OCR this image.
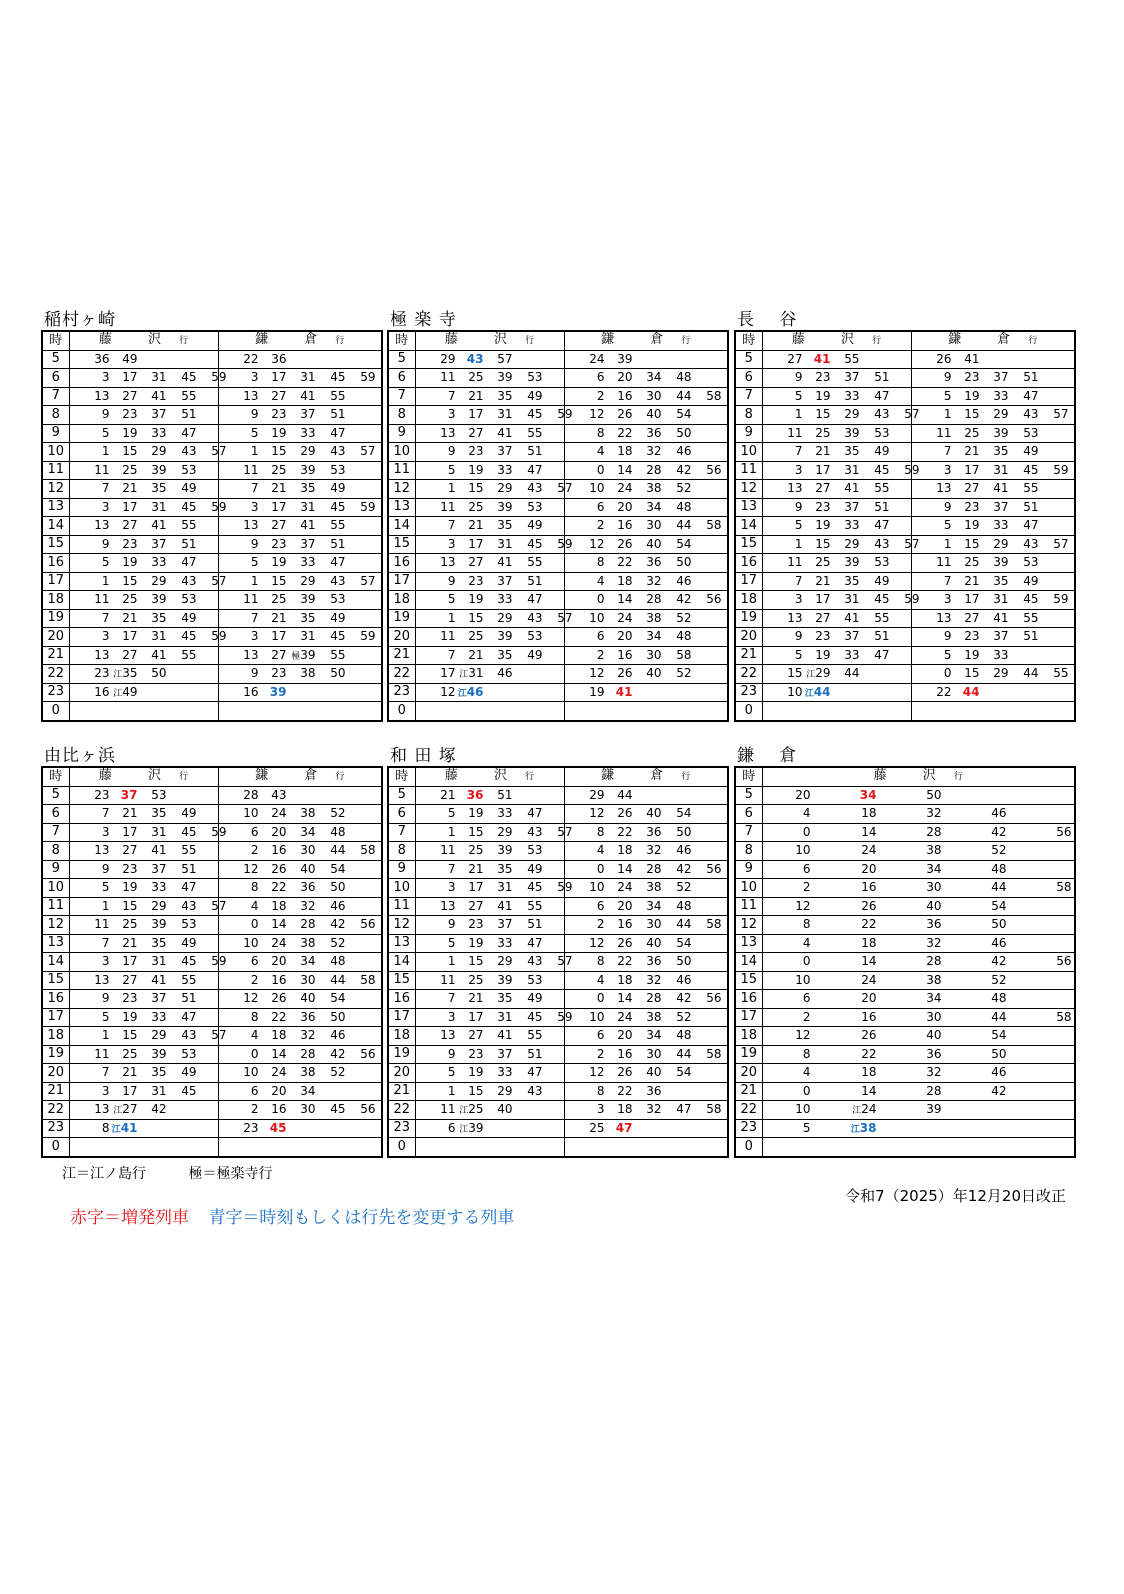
稲村ヶ崎
時	藤 沢 行	鎌 倉 行
5	36 49	22 36

6	3 17 31 45 59	3 17 31 45 59

7	13 27 41 55	13 27 41 55

8	9 23 37 51	9 23 37 51

9	5 19 33 47	5 19 33 47

10	1 15 29 43 57	1 15 29 43 57

11	11 25 39 53	11 25 39 53

12	7 21 35 49	7 21 35 49

13	3 17 31 45 59	3 17 31 45 59

14	13 27 41 55	13 27 41 55

15	9 23 37 51	9 23 37 51

16	5 19 33 47	5 19 33 47

17	1 15 29 43 57	1 15 29 43 57

18	11 25 39 53	11 25 39 53

19	7 21 35 49	7 21 35 49

20	3 17 31 45 59	3 17 31 45 59

21	13 27 41 55	13 27 極39 55

22	23 江35 50	9 23 38 50

23	16 江49	16 39

0		
極 楽 寺
時	藤 沢 行	鎌 倉 行
5	29 43 57	24 39

6	11 25 39 53	6 20 34 48

7	7 21 35 49	2 16 30 44 58

8	3 17 31 45 59	12 26 40 54

9	13 27 41 55	8 22 36 50

10	9 23 37 51	4 18 32 46

11	5 19 33 47	0 14 28 42 56

12	1 15 29 43 57	10 24 38 52

13	11 25 39 53	6 20 34 48

14	7 21 35 49	2 16 30 44 58

15	3 17 31 45 59	12 26 40 54

16	13 27 41 55	8 22 36 50

17	9 23 37 51	4 18 32 46

18	5 19 33 47	0 14 28 42 56

19	1 15 29 43 57	10 24 38 52

20	11 25 39 53	6 20 34 48

21	7 21 35 49	2 16 30 58

22	17 江31 46	12 26 40 52

23	12 江46	19 41

0		
長　 谷
時	藤 沢 行	鎌 倉 行
5	27 41 55	26 41

6	9 23 37 51	9 23 37 51

7	5 19 33 47	5 19 33 47

8	1 15 29 43 57	1 15 29 43 57

9	11 25 39 53	11 25 39 53

10	7 21 35 49	7 21 35 49

11	3 17 31 45 59	3 17 31 45 59

12	13 27 41 55	13 27 41 55

13	9 23 37 51	9 23 37 51

14	5 19 33 47	5 19 33 47

15	1 15 29 43 57	1 15 29 43 57

16	11 25 39 53	11 25 39 53

17	7 21 35 49	7 21 35 49

18	3 17 31 45 59	3 17 31 45 59

19	13 27 41 55	13 27 41 55

20	9 23 37 51	9 23 37 51

21	5 19 33 47	5 19 33

22	15 江29 44	0 15 29 44 55

23	10 江44	22 44

0		
由比ヶ浜
時	藤 沢 行	鎌 倉 行
5	23 37 53	28 43

6	7 21 35 49	10 24 38 52

7	3 17 31 45 59	6 20 34 48

8	13 27 41 55	2 16 30 44 58

9	9 23 37 51	12 26 40 54

10	5 19 33 47	8 22 36 50

11	1 15 29 43 57	4 18 32 46

12	11 25 39 53	0 14 28 42 56

13	7 21 35 49	10 24 38 52

14	3 17 31 45 59	6 20 34 48

15	13 27 41 55	2 16 30 44 58

16	9 23 37 51	12 26 40 54

17	5 19 33 47	8 22 36 50

18	1 15 29 43 57	4 18 32 46

19	11 25 39 53	0 14 28 42 56

20	7 21 35 49	10 24 38 52

21	3 17 31 45	6 20 34

22	13 江27 42	2 16 30 45 56

23	8 江41	23 45

0		
和 田 塚
時	藤 沢 行	鎌 倉 行
5	21 36 51	29 44

6	5 19 33 47	12 26 40 54

7	1 15 29 43 57	8 22 36 50

8	11 25 39 53	4 18 32 46

9	7 21 35 49	0 14 28 42 56

10	3 17 31 45 59	10 24 38 52

11	13 27 41 55	6 20 34 48

12	9 23 37 51	2 16 30 44 58

13	5 19 33 47	12 26 40 54

14	1 15 29 43 57	8 22 36 50

15	11 25 39 53	4 18 32 46

16	7 21 35 49	0 14 28 42 56

17	3 17 31 45 59	10 24 38 52

18	13 27 41 55	6 20 34 48

19	9 23 37 51	2 16 30 44 58

20	5 19 33 47	12 26 40 54

21	1 15 29 43	8 22 36

22	11 江25 40	3 18 32 47 58

23	6 江39	25 47

0		
鎌　 倉
時	藤 沢 行
5	20 34 50

6	4 18 32 46

7	0 14 28 42 56

8	10 24 38 52

9	6 20 34 48

10	2 16 30 44 58

11	12 26 40 54

12	8 22 36 50

13	4 18 32 46

14	0 14 28 42 56

15	10 24 38 52

16	6 20 34 48

17	2 16 30 44 58

18	12 26 40 54

19	8 22 36 50

20	4 18 32 46

21	0 14 28 42

22	10 江24 39

23	5 江38

0	
江＝江ノ島行	極＝極楽寺行
令和7（2025）年12月20日改正
赤字＝増発列車 青字＝時刻もしくは行先を変更する列車
